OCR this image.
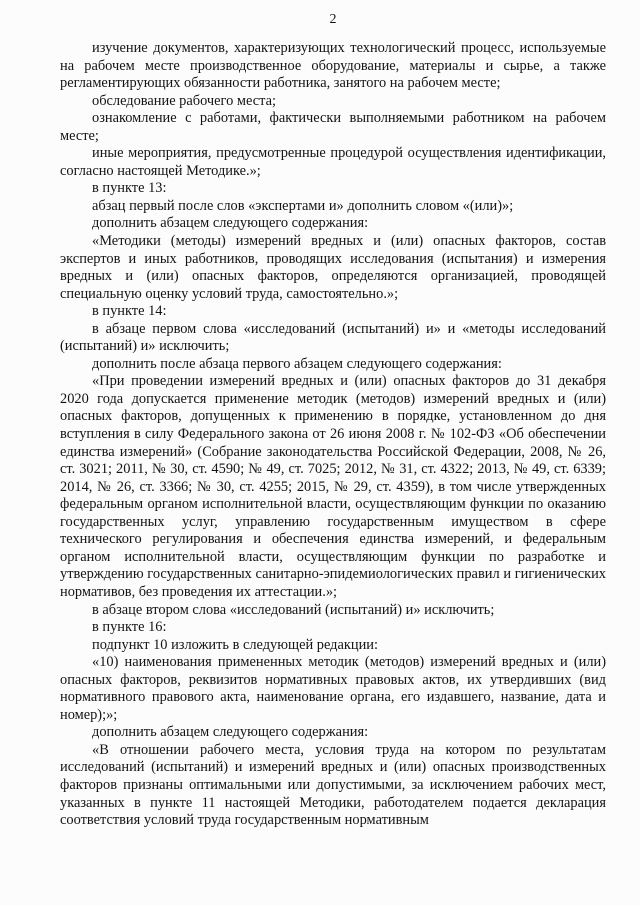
2

изучение документов, характеризующих технологический процесс, используемые на рабочем месте производственное оборудование, материалы и сырье, а также регламентирующих обязанности работника, занятого на рабочем месте;

обследование рабочего места;

ознакомление с работами, фактически выполняемыми работником на рабочем месте;

иные мероприятия, предусмотренные процедурой осуществления идентификации, согласно настоящей Методике.»;

в пункте 13:

абзац первый после слов «экспертами и» дополнить словом «(или)»;

дополнить абзацем следующего содержания:

«Методики (методы) измерений вредных и (или) опасных факторов, состав экспертов и иных работников, проводящих исследования (испытания) и измерения вредных и (или) опасных факторов, определяются организацией, проводящей специальную оценку условий труда, самостоятельно.»;

в пункте 14:

в абзаце первом слова «исследований (испытаний) и» и «методы исследований (испытаний) и» исключить;

дополнить после абзаца первого абзацем следующего содержания:

«При проведении измерений вредных и (или) опасных факторов до 31 декабря 2020 года допускается применение методик (методов) измерений вредных и (или) опасных факторов, допущенных к применению в порядке, установленном до дня вступления в силу Федерального закона от 26 июня 2008 г. № 102-ФЗ «Об обеспечении единства измерений» (Собрание законодательства Российской Федерации, 2008, № 26, ст. 3021; 2011, № 30, ст. 4590; № 49, ст. 7025; 2012, № 31, ст. 4322; 2013, № 49, ст. 6339; 2014, № 26, ст. 3366; № 30, ст. 4255; 2015, № 29, ст. 4359), в том числе утвержденных федеральным органом исполнительной власти, осуществляющим функции по оказанию государственных услуг, управлению государственным имуществом в сфере технического регулирования и обеспечения единства измерений, и федеральным органом исполнительной власти, осуществляющим функции по разработке и утверждению государственных санитарно-эпидемиологических правил и гигиенических нормативов, без проведения их аттестации.»;

в абзаце втором слова «исследований (испытаний) и» исключить;

в пункте 16:

подпункт 10 изложить в следующей редакции:

«10) наименования примененных методик (методов) измерений вредных и (или) опасных факторов, реквизитов нормативных правовых актов, их утвердивших (вид нормативного правового акта, наименование органа, его издавшего, название, дата и номер);»;

дополнить абзацем следующего содержания:

«В отношении рабочего места, условия труда на котором по результатам исследований (испытаний) и измерений вредных и (или) опасных производственных факторов признаны оптимальными или допустимыми, за исключением рабочих мест, указанных в пункте 11 настоящей Методики, работодателем подается декларация соответствия условий труда государственным нормативным
